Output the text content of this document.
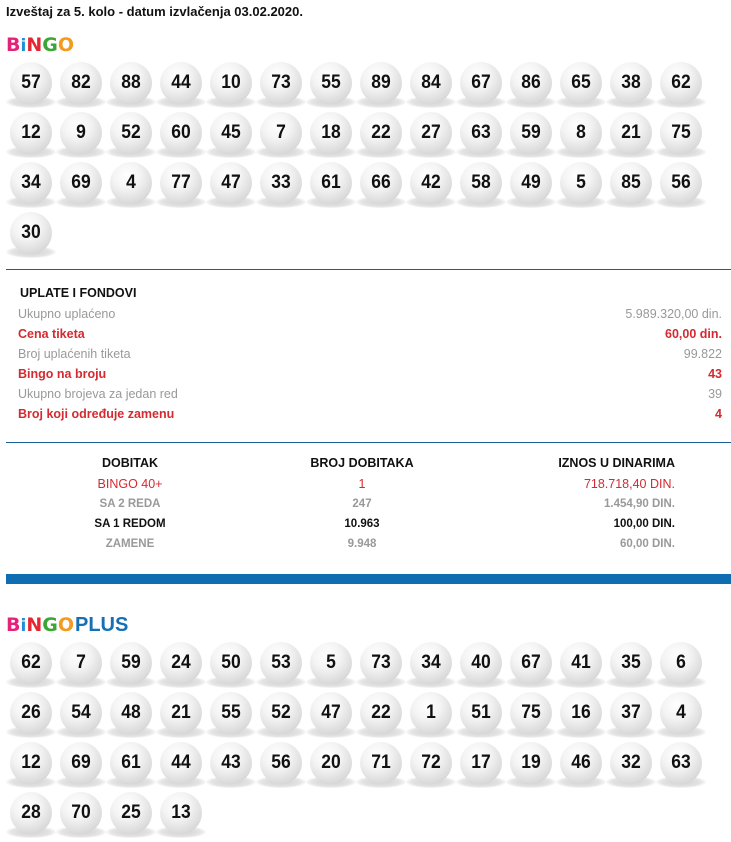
Izveštaj za 5. kolo - datum izvlačenja 03.02.2020.
BiNGO
57	82	88	44	10	73	55	89	84	67	86	65	38	62
12	9	52	60	45	7	18	22	27	63	59	8	21	75
34	69	4	77	47	33	61	66	42	58	49	5	85	56
30
UPLATE I FONDOVI
Ukupno uplaćeno	5.989.320,00 din.
Cena tiketa	60,00 din.
Broj uplaćenih tiketa	99.822
Bingo na broju	43
Ukupno brojeva za jedan red	39
Broj koji određuje zamenu	4
DOBITAK	BROJ DOBITAKA	IZNOS U DINARIMA
BINGO 40+	1	718.718,40 DIN.
SA 2 REDA	247	1.454,90 DIN.
SA 1 REDOM	10.963	100,00 DIN.
ZAMENE	9.948	60,00 DIN.
BiNGOPLUS
62	7	59	24	50	53	5	73	34	40	67	41	35	6
26	54	48	21	55	52	47	22	1	51	75	16	37	4
12	69	61	44	43	56	20	71	72	17	19	46	32	63
28	70	25	13
